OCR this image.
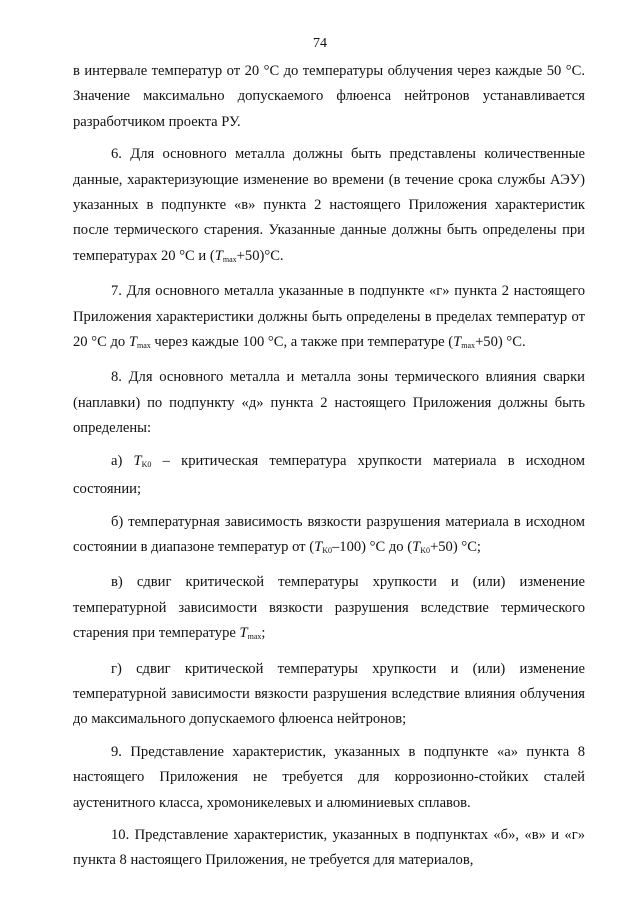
74

в интервале температур от 20 °С до температуры облучения через каждые 50 °С. Значение максимально допускаемого флюенса нейтронов устанавливается разработчиком проекта РУ.

6. Для основного металла должны быть представлены количественные данные, характеризующие изменение во времени (в течение срока службы АЭУ) указанных в подпункте «в» пункта 2 настоящего Приложения характеристик после термического старения. Указанные данные должны быть определены при температурах 20 °С и $(T_{max}+50)^\circ С$.

7. Для основного металла указанные в подпункте «г» пункта 2 настоящего Приложения характеристики должны быть определены в пределах температур от 20 °С до $T_{max}$ через каждые 100 °С, а также при температуре $(T_{max}+50)$ °С.

8. Для основного металла и металла зоны термического влияния сварки (наплавки) по подпункту «д» пункта 2 настоящего Приложения должны быть определены:

а) $T_{K0}$ – критическая температура хрупкости материала в исходном состоянии;

б) температурная зависимость вязкости разрушения материала в исходном состоянии в диапазоне температур от $(T_{K0}-100)$ °С до $(T_{K0}+50)$ °С;

в) сдвиг критической температуры хрупкости и (или) изменение температурной зависимости вязкости разрушения вследствие термического старения при температуре $T_{max}$;

г) сдвиг критической температуры хрупкости и (или) изменение температурной зависимости вязкости разрушения вследствие влияния облучения до максимального допускаемого флюенса нейтронов;

9. Представление характеристик, указанных в подпункте «а» пункта 8 настоящего Приложения не требуется для коррозионно-стойких сталей аустенитного класса, хромоникелевых и алюминиевых сплавов.

10. Представление характеристик, указанных в подпунктах «б», «в» и «г» пункта 8 настоящего Приложения, не требуется для материалов,
